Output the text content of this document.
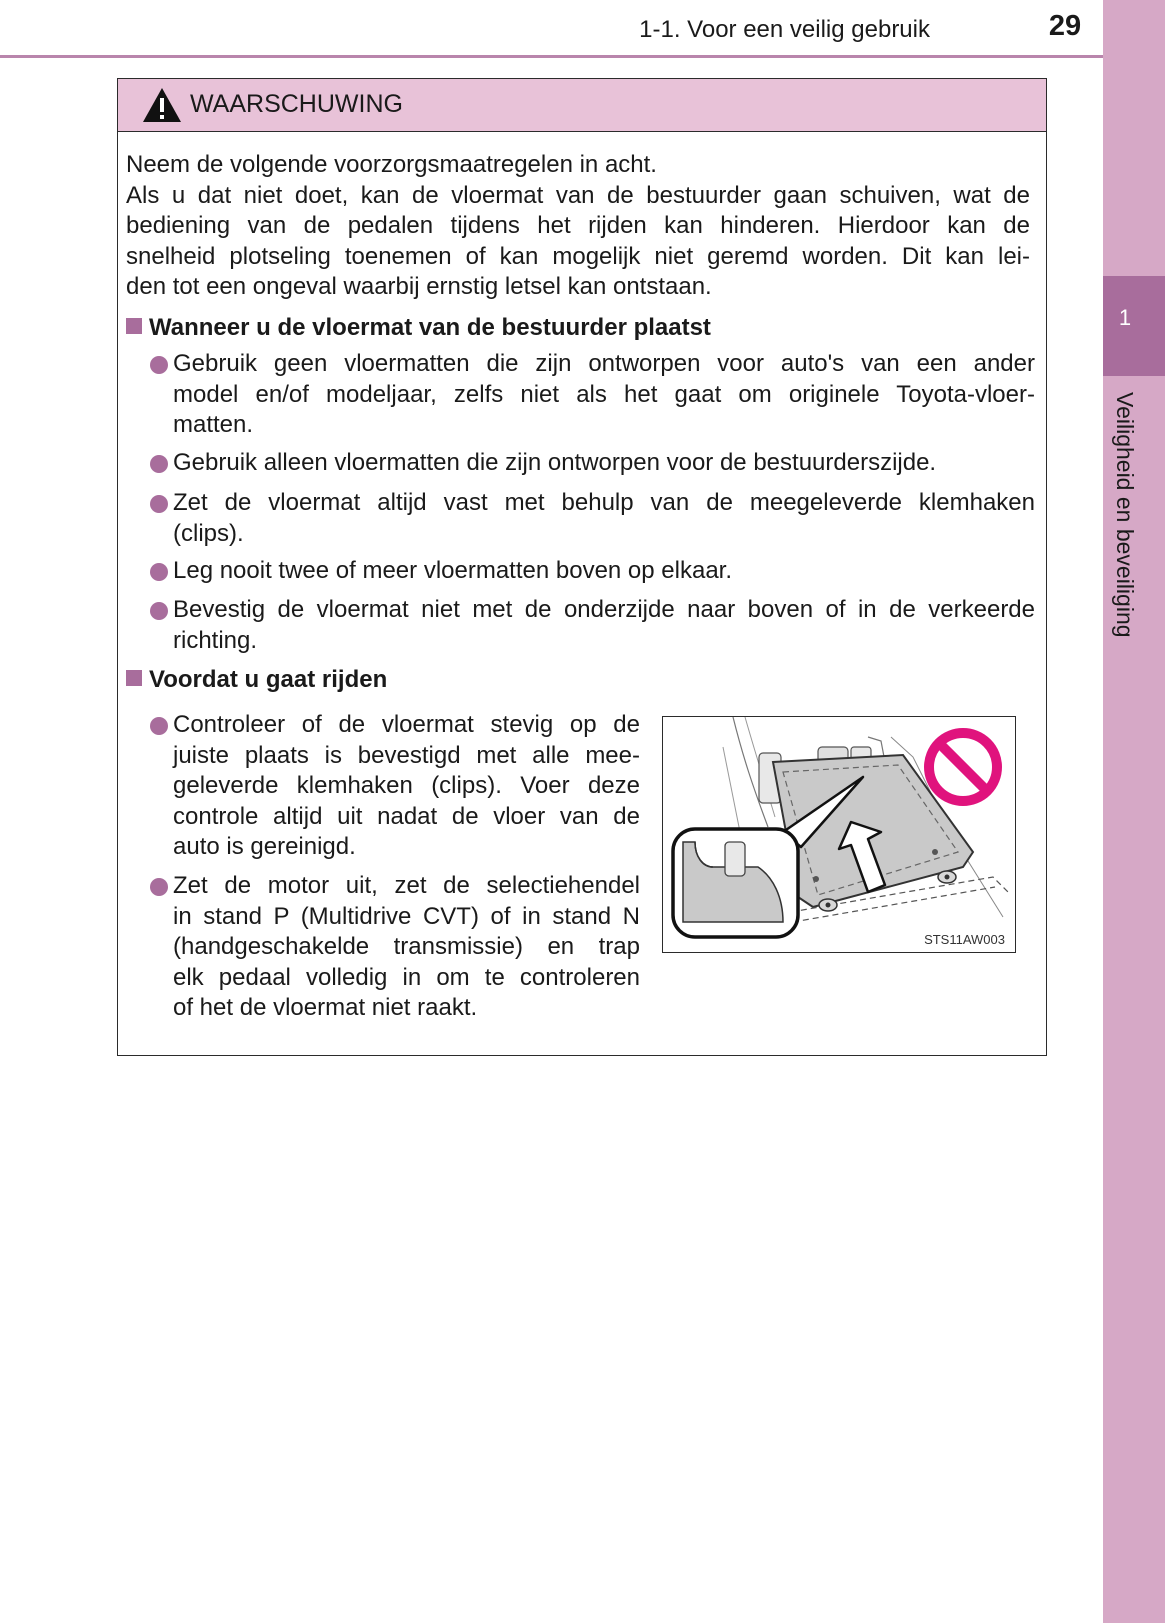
1-1. Voor een veilig gebruik	29
1
Veiligheid en beveiliging
WAARSCHUWING

Neem de volgende voorzorgsmaatregelen in acht.
Als u dat niet doet, kan de vloermat van de bestuurder gaan schuiven, wat de
bediening van de pedalen tijdens het rijden kan hinderen. Hierdoor kan de
snelheid plotseling toenemen of kan mogelijk niet geremd worden. Dit kan lei-
den tot een ongeval waarbij ernstig letsel kan ontstaan.

Wanneer u de vloermat van de bestuurder plaatst
Gebruik geen vloermatten die zijn ontworpen voor auto's van een ander
model en/of modeljaar, zelfs niet als het gaat om originele Toyota-vloer-
matten.
Gebruik alleen vloermatten die zijn ontworpen voor de bestuurderszijde.
Zet de vloermat altijd vast met behulp van de meegeleverde klemhaken
(clips).
Leg nooit twee of meer vloermatten boven op elkaar.
Bevestig de vloermat niet met de onderzijde naar boven of in de verkeerde
richting.
Voordat u gaat rijden
Controleer of de vloermat stevig op de
juiste plaats is bevestigd met alle mee-
geleverde klemhaken (clips). Voer deze
controle altijd uit nadat de vloer van de
auto is gereinigd.
Zet de motor uit, zet de selectiehendel
in stand P (Multidrive CVT) of in stand N
(handgeschakelde transmissie) en trap
elk pedaal volledig in om te controleren
of het de vloermat niet raakt.
STS11AW003
